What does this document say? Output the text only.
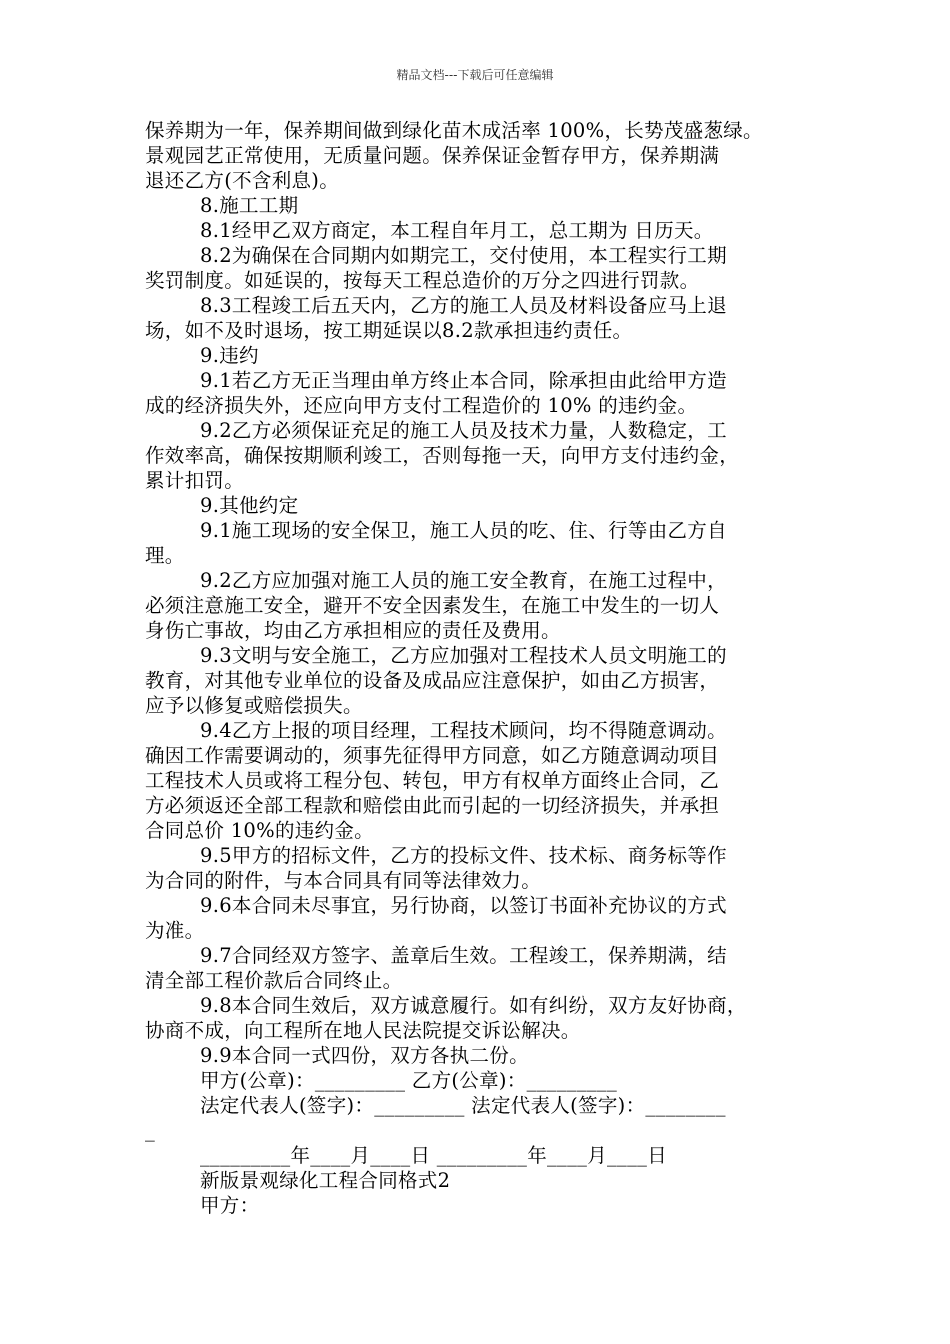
精品文档---下载后可任意编辑
保养期为一年，保养期间做到绿化苗木成活率 100%，长势茂盛葱绿。
景观园艺正常使用，无质量问题。保养保证金暂存甲方，保养期满
退还乙方(不含利息)。
8.施工工期
8.1经甲乙双方商定，本工程自年月工，总工期为 日历天。
8.2为确保在合同期内如期完工，交付使用，本工程实行工期
奖罚制度。如延误的，按每天工程总造价的万分之四进行罚款。
8.3工程竣工后五天内，乙方的施工人员及材料设备应马上退
场，如不及时退场，按工期延误以8.2款承担违约责任。
9.违约
9.1若乙方无正当理由单方终止本合同，除承担由此给甲方造
成的经济损失外，还应向甲方支付工程造价的 10% 的违约金。
9.2乙方必须保证充足的施工人员及技术力量，人数稳定，工
作效率高，确保按期顺利竣工，否则每拖一天，向甲方支付违约金，
累计扣罚。
9.其他约定
9.1施工现场的安全保卫，施工人员的吃、住、行等由乙方自
理。
9.2乙方应加强对施工人员的施工安全教育，在施工过程中，
必须注意施工安全，避开不安全因素发生，在施工中发生的一切人
身伤亡事故，均由乙方承担相应的责任及费用。
9.3文明与安全施工，乙方应加强对工程技术人员文明施工的
教育，对其他专业单位的设备及成品应注意保护，如由乙方损害，
应予以修复或赔偿损失。
9.4乙方上报的项目经理，工程技术顾问，均不得随意调动。
确因工作需要调动的，须事先征得甲方同意，如乙方随意调动项目
工程技术人员或将工程分包、转包，甲方有权单方面终止合同，乙
方必须返还全部工程款和赔偿由此而引起的一切经济损失，并承担
合同总价 10%的违约金。
9.5甲方的招标文件，乙方的投标文件、技术标、商务标等作
为合同的附件，与本合同具有同等法律效力。
9.6本合同未尽事宜，另行协商，以签订书面补充协议的方式
为准。
9.7合同经双方签字、盖章后生效。工程竣工，保养期满，结
清全部工程价款后合同终止。
9.8本合同生效后，双方诚意履行。如有纠纷，双方友好协商，
协商不成，向工程所在地人民法院提交诉讼解决。
9.9本合同一式四份，双方各执二份。
甲方(公章)：_________ 乙方(公章)：_________
法定代表人(签字)：_________ 法定代表人(签字)：________
_
_________年____月____日 _________年____月____日
新版景观绿化工程合同格式2
甲方：
